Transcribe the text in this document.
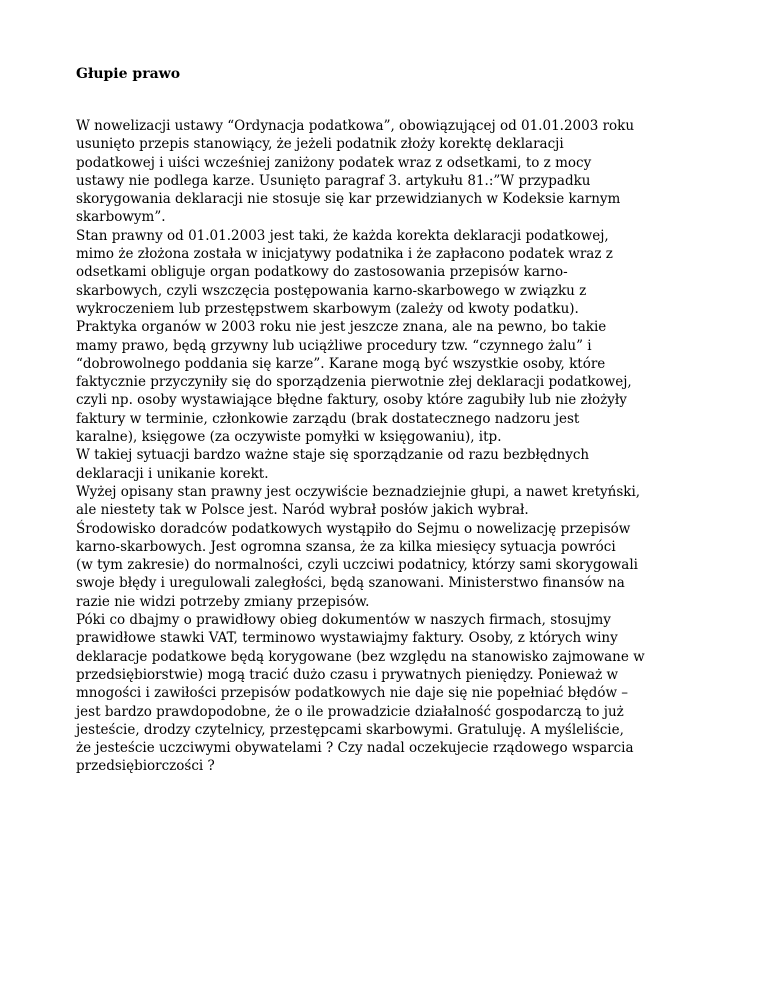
Głupie prawo
W nowelizacji ustawy “Ordynacja podatkowa”, obowiązującej od 01.01.2003 roku
usunięto przepis stanowiący, że jeżeli podatnik złoży korektę deklaracji
podatkowej i uiści wcześniej zaniżony podatek wraz z odsetkami, to z mocy
ustawy nie podlega karze. Usunięto paragraf 3. artykułu 81.:”W przypadku
skorygowania deklaracji nie stosuje się kar przewidzianych w Kodeksie karnym
skarbowym”.
Stan prawny od 01.01.2003 jest taki, że każda korekta deklaracji podatkowej,
mimo że złożona została w inicjatywy podatnika i że zapłacono podatek wraz z
odsetkami obliguje organ podatkowy do zastosowania przepisów karno-
skarbowych, czyli wszczęcia postępowania karno-skarbowego w związku z
wykroczeniem lub przestępstwem skarbowym (zależy od kwoty podatku).
Praktyka organów w 2003 roku nie jest jeszcze znana, ale na pewno, bo takie
mamy prawo, będą grzywny lub uciążliwe procedury tzw. “czynnego żalu” i
“dobrowolnego poddania się karze”. Karane mogą być wszystkie osoby, które
faktycznie przyczyniły się do sporządzenia pierwotnie złej deklaracji podatkowej,
czyli np. osoby wystawiające błędne faktury, osoby które zagubiły lub nie złożyły
faktury w terminie, członkowie zarządu (brak dostatecznego nadzoru jest
karalne), księgowe (za oczywiste pomyłki w księgowaniu), itp.
W takiej sytuacji bardzo ważne staje się sporządzanie od razu bezbłędnych
deklaracji i unikanie korekt.
Wyżej opisany stan prawny jest oczywiście beznadziejnie głupi, a nawet kretyński,
ale niestety tak w Polsce jest. Naród wybrał posłów jakich wybrał.
Środowisko doradców podatkowych wystąpiło do Sejmu o nowelizację przepisów
karno-skarbowych. Jest ogromna szansa, że za kilka miesięcy sytuacja powróci
(w tym zakresie) do normalności, czyli uczciwi podatnicy, którzy sami skorygowali
swoje błędy i uregulowali zaległości, będą szanowani. Ministerstwo finansów na
razie nie widzi potrzeby zmiany przepisów.
Póki co dbajmy o prawidłowy obieg dokumentów w naszych firmach, stosujmy
prawidłowe stawki VAT, terminowo wystawiajmy faktury. Osoby, z których winy
deklaracje podatkowe będą korygowane (bez względu na stanowisko zajmowane w
przedsiębiorstwie) mogą tracić dużo czasu i prywatnych pieniędzy. Ponieważ w
mnogości i zawiłości przepisów podatkowych nie daje się nie popełniać błędów –
jest bardzo prawdopodobne, że o ile prowadzicie działalność gospodarczą to już
jesteście, drodzy czytelnicy, przestępcami skarbowymi. Gratuluję. A myśleliście,
że jesteście uczciwymi obywatelami ? Czy nadal oczekujecie rządowego wsparcia
przedsiębiorczości ?
